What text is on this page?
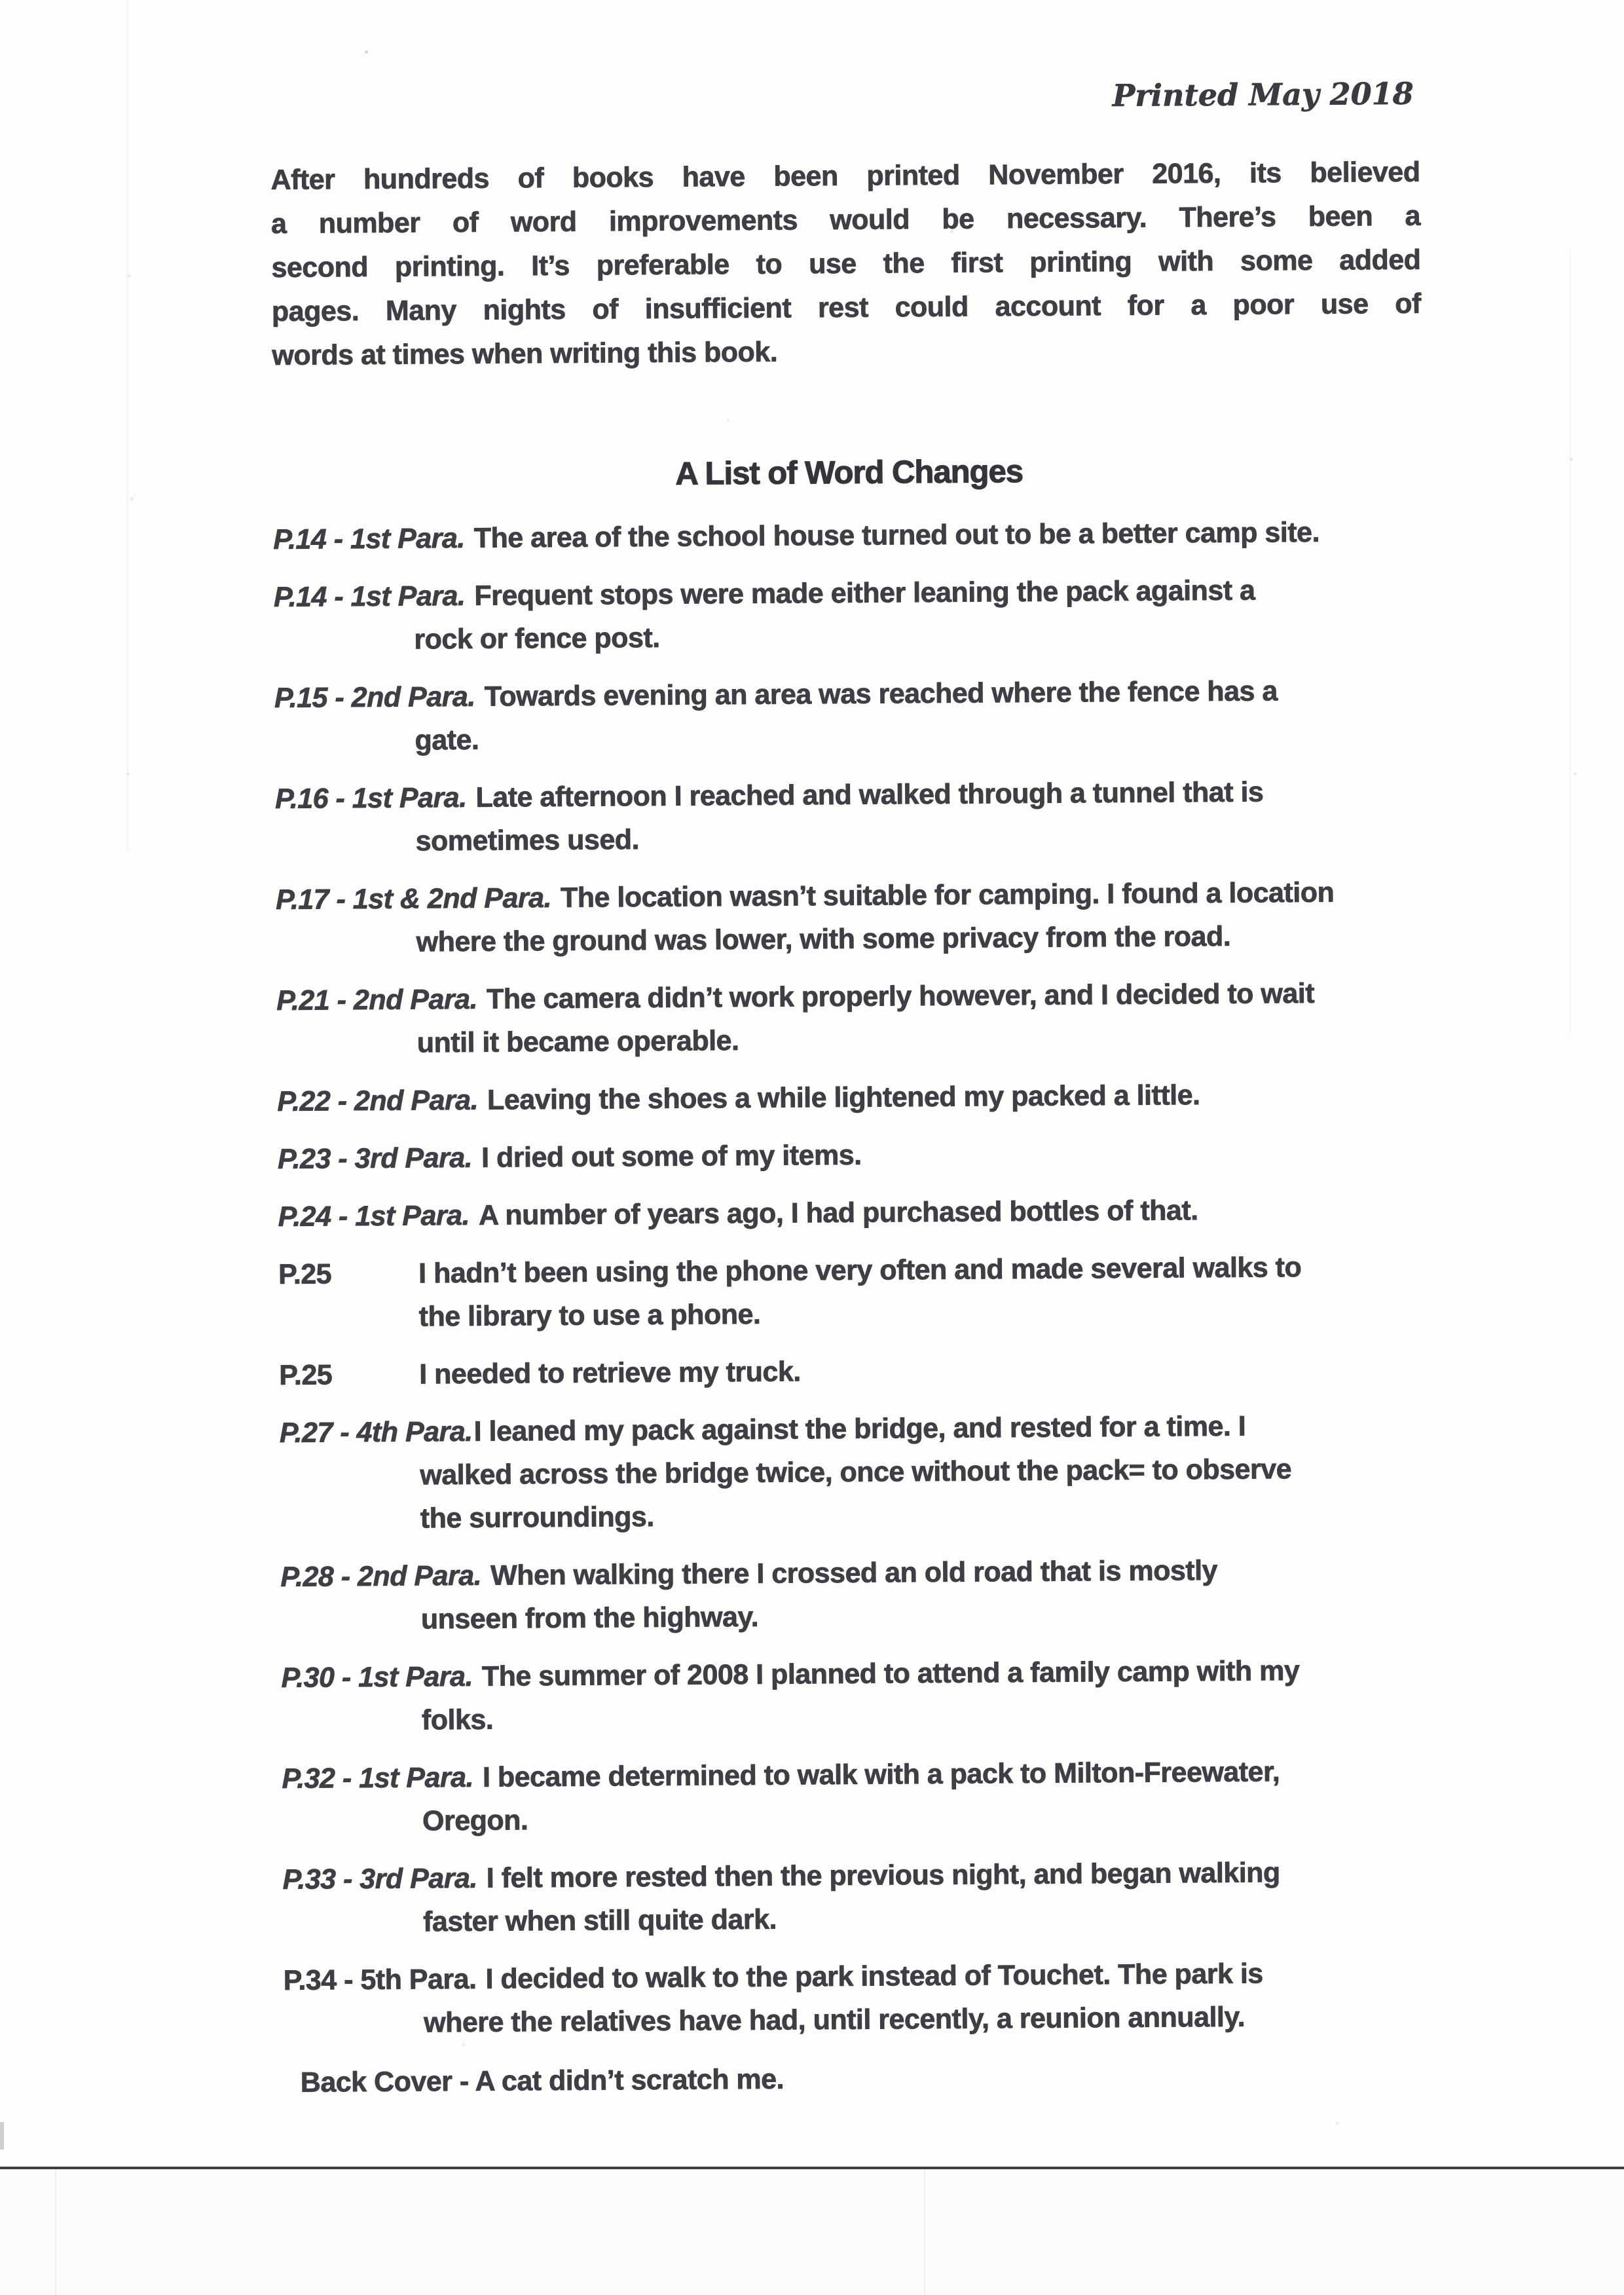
Printed May 2018
After hundreds of books have been printed November 2016, its believed
a number of word improvements would be necessary. There’s been a
second printing. It’s preferable to use the first printing with some added
pages. Many nights of insufficient rest could account for a poor use of
words at times when writing this book.
A List of Word Changes
P.14 - 1st Para. The area of the school house turned out to be a better camp site.
P.14 - 1st Para. Frequent stops were made either leaning the pack against a
rock or fence post.
P.15 - 2nd Para. Towards evening an area was reached where the fence has a
gate.
P.16 - 1st Para. Late afternoon I reached and walked through a tunnel that is
sometimes used.
P.17 - 1st & 2nd Para. The location wasn’t suitable for camping. I found a location
where the ground was lower, with some privacy from the road.
P.21 - 2nd Para. The camera didn’t work properly however, and I decided to wait
until it became operable.
P.22 - 2nd Para. Leaving the shoes a while lightened my packed a little.
P.23 - 3rd Para. I dried out some of my items.
P.24 - 1st Para. A number of years ago, I had purchased bottles of that.
P.25	I hadn’t been using the phone very often and made several walks to
the library to use a phone.
P.25	I needed to retrieve my truck.
P.27 - 4th Para.I leaned my pack against the bridge, and rested for a time. I
walked across the bridge twice, once without the pack= to observe
the surroundings.
P.28 - 2nd Para. When walking there I crossed an old road that is mostly
unseen from the highway.
P.30 - 1st Para. The summer of 2008 I planned to attend a family camp with my
folks.
P.32 - 1st Para. I became determined to walk with a pack to Milton-Freewater,
Oregon.
P.33 - 3rd Para. I felt more rested then the previous night, and began walking
faster when still quite dark.
P.34 - 5th Para. I decided to walk to the park instead of Touchet. The park is
where the relatives have had, until recently, a reunion annually.
Back Cover - A cat didn’t scratch me.
